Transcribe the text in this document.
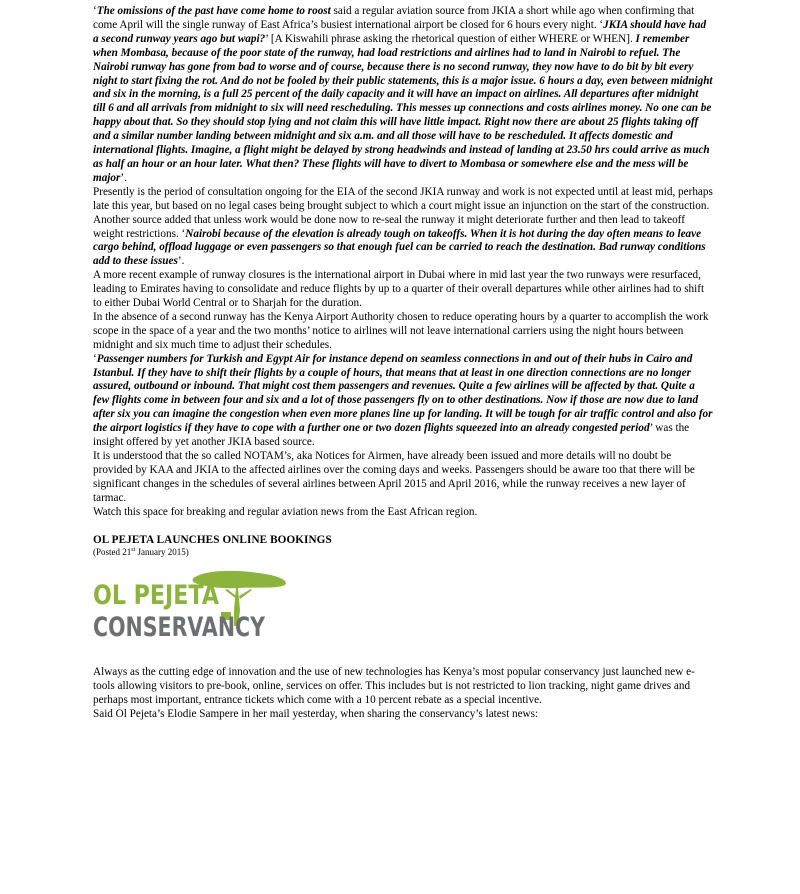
‘The omissions of the past have come home to roost said a regular aviation source from JKIA a short while ago when confirming that come April will the single runway of East Africa’s busiest international airport be closed for 6 hours every night. ‘JKIA should have had a second runway years ago but wapi?’ [A Kiswahili phrase asking the rhetorical question of either WHERE or WHEN]. I remember when Mombasa, because of the poor state of the runway, had load restrictions and airlines had to land in Nairobi to refuel. The Nairobi runway has gone from bad to worse and of course, because there is no second runway, they now have to do bit by bit every night to start fixing the rot. And do not be fooled by their public statements, this is a major issue. 6 hours a day, even between midnight and six in the morning, is a full 25 percent of the daily capacity and it will have an impact on airlines. All departures after midnight till 6 and all arrivals from midnight to six will need rescheduling. This messes up connections and costs airlines money. No one can be happy about that. So they should stop lying and not claim this will have little impact. Right now there are about 25 flights taking off and a similar number landing between midnight and six a.m. and all those will have to be rescheduled. It affects domestic and international flights. Imagine, a flight might be delayed by strong headwinds and instead of landing at 23.50 hrs could arrive as much as half an hour or an hour later. What then? These flights will have to divert to Mombasa or somewhere else and the mess will be major’.

Presently is the period of consultation ongoing for the EIA of the second JKIA runway and work is not expected until at least mid, perhaps late this year, but based on no legal cases being brought subject to which a court might issue an injunction on the start of the construction.

Another source added that unless work would be done now to re-seal the runway it might deteriorate further and then lead to takeoff weight restrictions. ‘Nairobi because of the elevation is already tough on takeoffs. When it is hot during the day often means to leave cargo behind, offload luggage or even passengers so that enough fuel can be carried to reach the destination. Bad runway conditions add to these issues’.

A more recent example of runway closures is the international airport in Dubai where in mid last year the two runways were resurfaced, leading to Emirates having to consolidate and reduce flights by up to a quarter of their overall departures while other airlines had to shift to either Dubai World Central or to Sharjah for the duration.

In the absence of a second runway has the Kenya Airport Authority chosen to reduce operating hours by a quarter to accomplish the work scope in the space of a year and the two months’ notice to airlines will not leave international carriers using the night hours between midnight and six much time to adjust their schedules.

‘Passenger numbers for Turkish and Egypt Air for instance depend on seamless connections in and out of their hubs in Cairo and Istanbul. If they have to shift their flights by a couple of hours, that means that at least in one direction connections are no longer assured, outbound or inbound. That might cost them passengers and revenues. Quite a few airlines will be affected by that. Quite a few flights come in between four and six and a lot of those passengers fly on to other destinations. Now if those are now due to land after six you can imagine the congestion when even more planes line up for landing. It will be tough for air traffic control and also for the airport logistics if they have to cope with a further one or two dozen flights squeezed into an already congested period’ was the insight offered by yet another JKIA based source.

It is understood that the so called NOTAM’s, aka Notices for Airmen, have already been issued and more details will no doubt be provided by KAA and JKIA to the affected airlines over the coming days and weeks. Passengers should be aware too that there will be significant changes in the schedules of several airlines between April 2015 and April 2016, while the runway receives a new layer of tarmac.

Watch this space for breaking and regular aviation news from the East African region.

OL PEJETA LAUNCHES ONLINE BOOKINGS

(Posted 21st January 2015)

OL PEJETA
CONSERVANCY

Always as the cutting edge of innovation and the use of new technologies has Kenya’s most popular conservancy just launched new e-tools allowing visitors to pre-book, online, services on offer. This includes but is not restricted to lion tracking, night game drives and perhaps most important, entrance tickets which come with a 10 percent rebate as a special incentive.

Said Ol Pejeta’s Elodie Sampere in her mail yesterday, when sharing the conservancy’s latest news:
